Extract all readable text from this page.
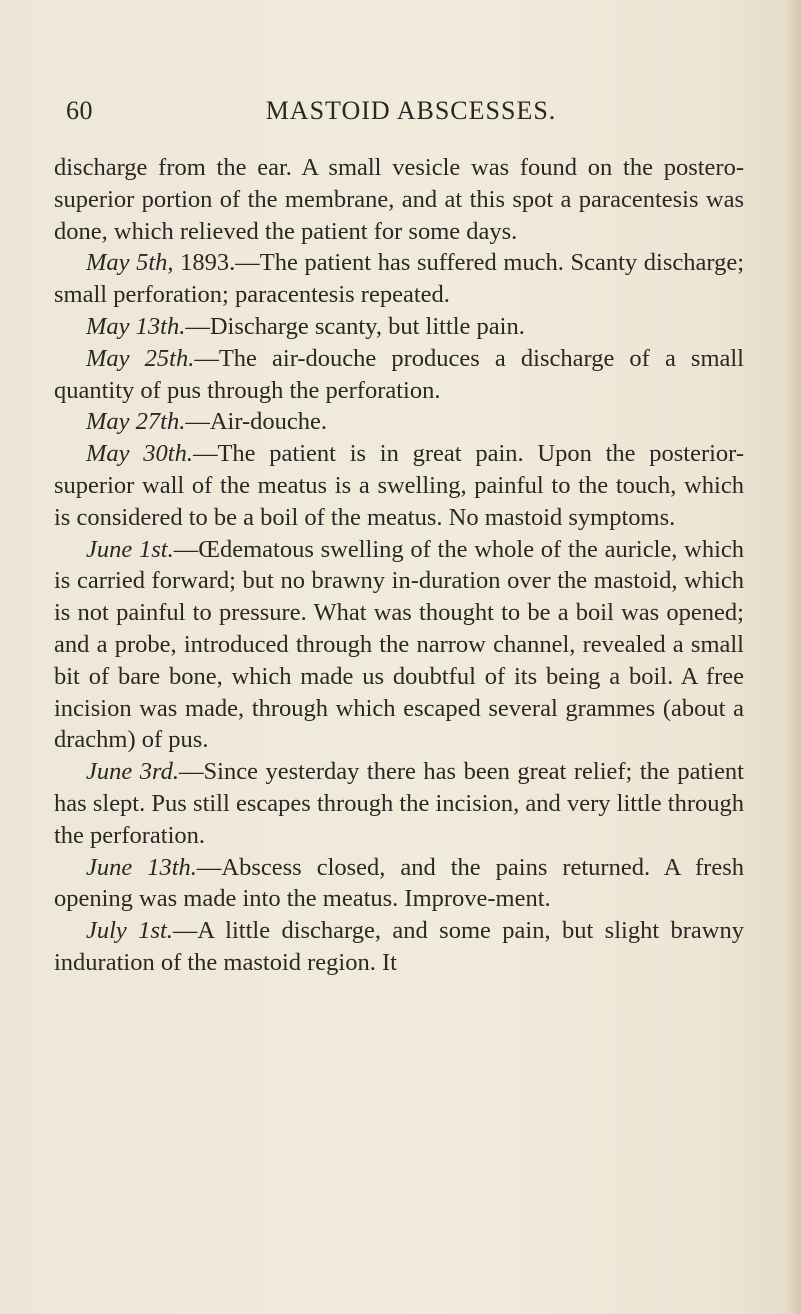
60	MASTOID ABSCESSES.

discharge from the ear. A small vesicle was found on the postero-superior portion of the membrane, and at this spot a paracentesis was done, which relieved the patient for some days.

May 5th, 1893.—The patient has suffered much. Scanty discharge; small perforation; paracentesis repeated.

May 13th.—Discharge scanty, but little pain.

May 25th.—The air-douche produces a discharge of a small quantity of pus through the perforation.

May 27th.—Air-douche.

May 30th.—The patient is in great pain. Upon the posterior-superior wall of the meatus is a swelling, painful to the touch, which is considered to be a boil of the meatus. No mastoid symptoms.

June 1st.—Œdematous swelling of the whole of the auricle, which is carried forward; but no brawny in-duration over the mastoid, which is not painful to pressure. What was thought to be a boil was opened; and a probe, introduced through the narrow channel, revealed a small bit of bare bone, which made us doubtful of its being a boil. A free incision was made, through which escaped several grammes (about a drachm) of pus.

June 3rd.—Since yesterday there has been great relief; the patient has slept. Pus still escapes through the incision, and very little through the perforation.

June 13th.—Abscess closed, and the pains returned. A fresh opening was made into the meatus. Improve-ment.

July 1st.—A little discharge, and some pain, but slight brawny induration of the mastoid region. It
